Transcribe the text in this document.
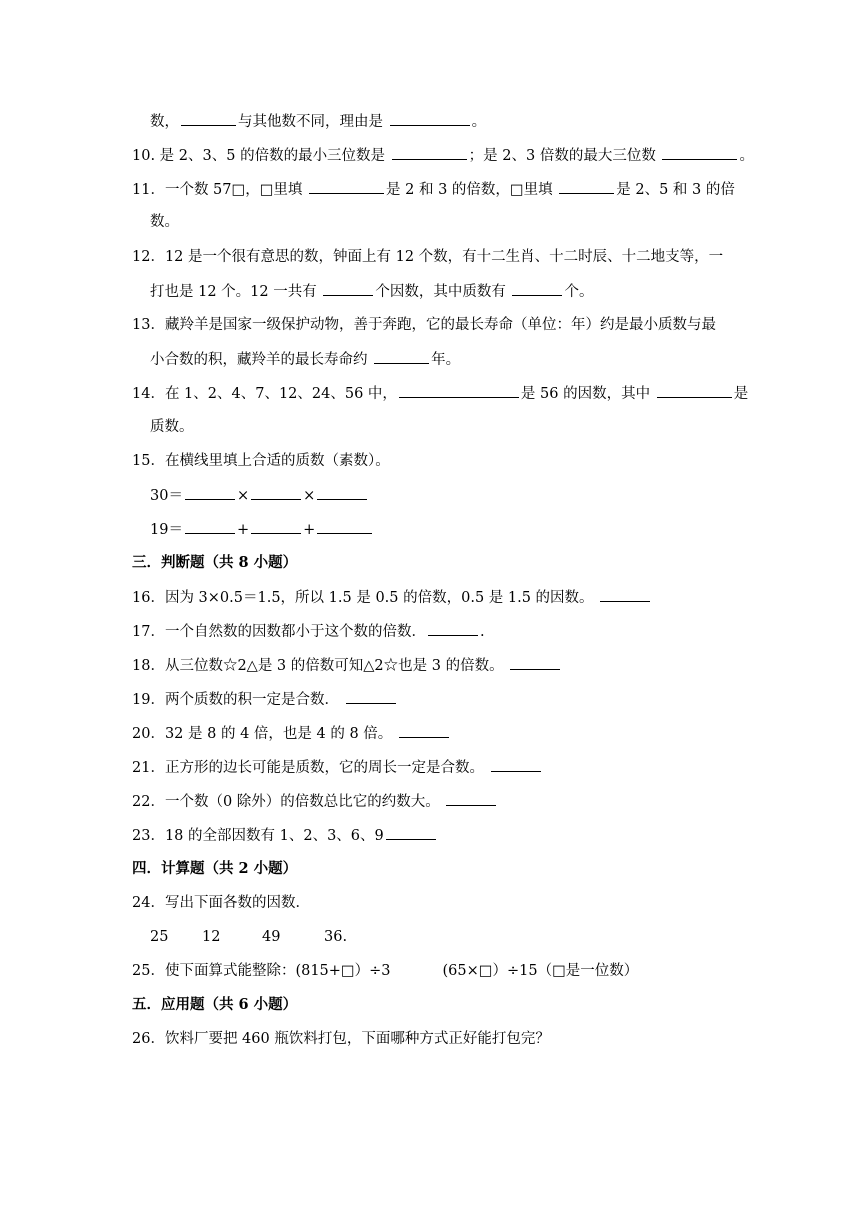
数，	与其他数不同，理由是	。
10. 是 2、3、5 的倍数的最小三位数是	；是 2、3 倍数的最大三位数	。
11．一个数 57□，□里填	是 2 和 3 的倍数，□里填	是 2、5 和 3 的倍
数。
12．12 是一个很有意思的数，钟面上有 12 个数，有十二生肖、十二时辰、十二地支等，一
打也是 12 个。12 一共有	个因数，其中质数有	个。
13．藏羚羊是国家一级保护动物，善于奔跑，它的最长寿命（单位：年）约是最小质数与最
小合数的积，藏羚羊的最长寿命约	年。
14．在 1、2、4、7、12、24、56 中，	是 56 的因数，其中	是
质数。
15．在横线里填上合适的质数（素数）。
30＝	×	×
19＝	+	+
三．判断题（共 8 小题）
16．因为 3×0.5＝1.5，所以 1.5 是 0.5 的倍数，0.5 是 1.5 的因数。
17．一个自然数的因数都小于这个数的倍数．	.
18．从三位数☆2△是 3 的倍数可知△2☆也是 3 的倍数。
19．两个质数的积一定是合数．
20．32 是 8 的 4 倍，也是 4 的 8 倍。
21．正方形的边长可能是质数，它的周长一定是合数。
22．一个数（0 除外）的倍数总比它的约数大。
23．18 的全部因数有 1、2、3、6、9
四．计算题（共 2 小题）
24．写出下面各数的因数．
25 12	49	36.
25．使下面算式能整除：(815+□）÷3	(65×□）÷15（□是一位数）
五．应用题（共 6 小题）
26．饮料厂要把 460 瓶饮料打包，下面哪种方式正好能打包完？
